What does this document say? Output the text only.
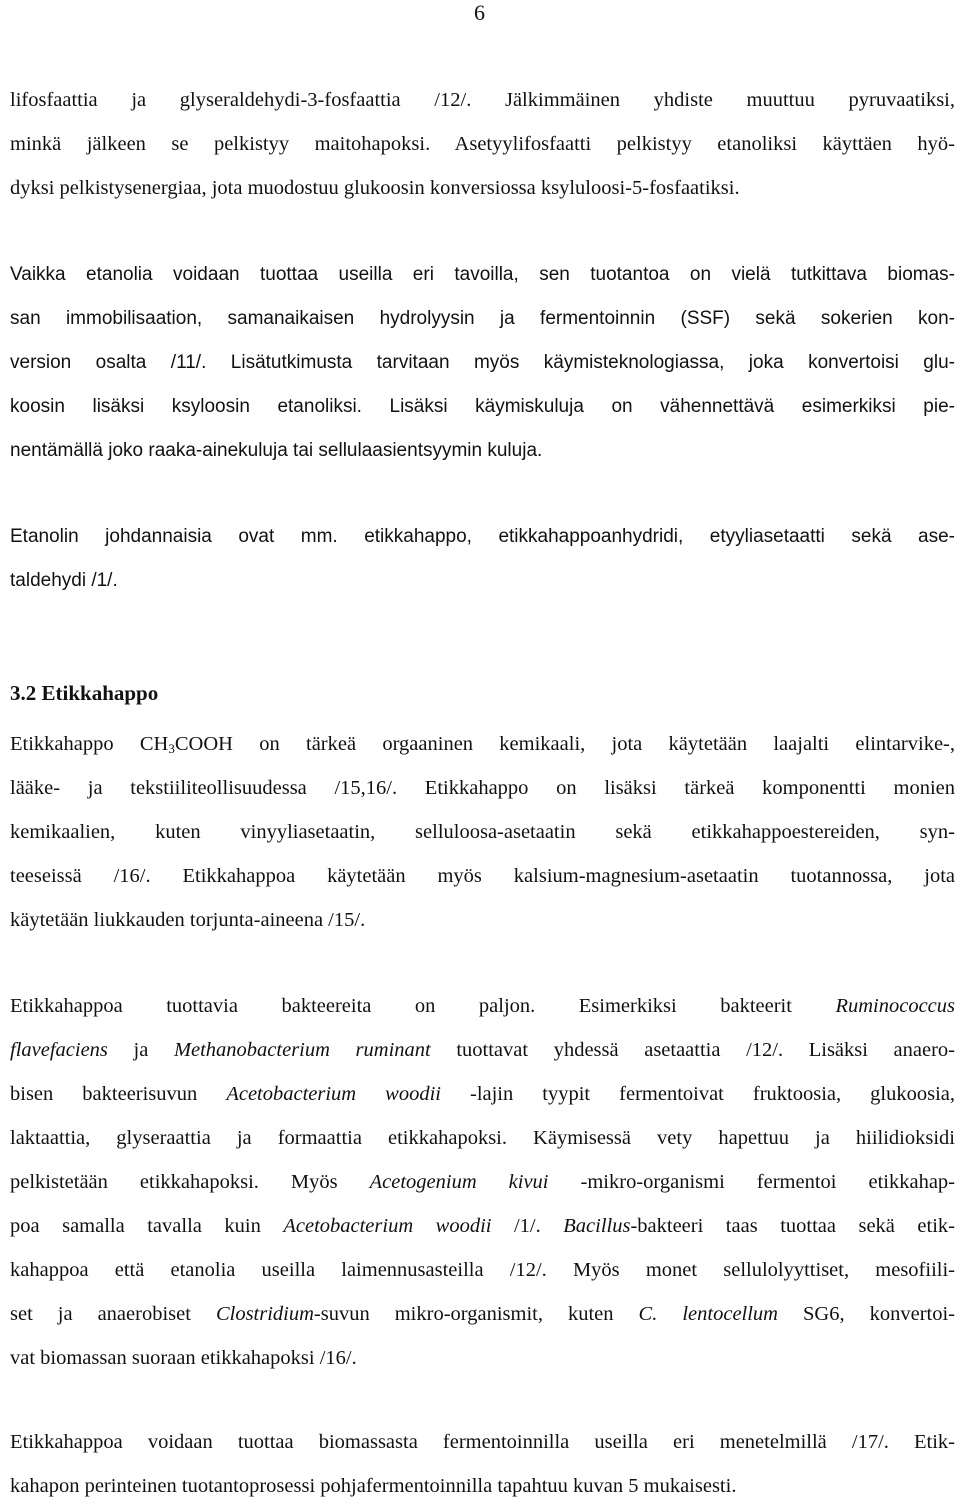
6
lifosfaattia ja glyseraldehydi-3-fosfaattia /12/. Jälkimmäinen yhdiste muuttuu pyruvaatiksi,
minkä jälkeen se pelkistyy maitohapoksi. Asetyylifosfaatti pelkistyy etanoliksi käyttäen hyö-
dyksi pelkistysenergiaa, jota muodostuu glukoosin konversiossa ksyluloosi-5-fosfaatiksi.
Vaikka etanolia voidaan tuottaa useilla eri tavoilla, sen tuotantoa on vielä tutkittava biomas-
san immobilisaation, samanaikaisen hydrolyysin ja fermentoinnin (SSF) sekä sokerien kon-
version osalta /11/. Lisätutkimusta tarvitaan myös käymisteknologiassa, joka konvertoisi glu-
koosin lisäksi ksyloosin etanoliksi. Lisäksi käymiskuluja on vähennettävä esimerkiksi pie-
nentämällä joko raaka-ainekuluja tai sellulaasientsyymin kuluja.
Etanolin johdannaisia ovat mm. etikkahappo, etikkahappoanhydridi, etyyliasetaatti sekä ase-
taldehydi /1/.
3.2 Etikkahappo
Etikkahappo $CH_3COOH$ on tärkeä orgaaninen kemikaali, jota käytetään laajalti elintarvike-,
lääke- ja tekstiiliteollisuudessa /15,16/. Etikkahappo on lisäksi tärkeä komponentti monien
kemikaalien, kuten vinyyliasetaatin, selluloosa-asetaatin sekä etikkahappoestereiden, syn-
teeseissä /16/. Etikkahappoa käytetään myös kalsium-magnesium-asetaatin tuotannossa, jota
käytetään liukkauden torjunta-aineena /15/.
Etikkahappoa tuottavia bakteereita on paljon. Esimerkiksi bakteerit Ruminococcus
flavefaciens ja Methanobacterium ruminant tuottavat yhdessä asetaattia /12/. Lisäksi anaero-
bisen bakteerisuvun Acetobacterium woodii -lajin tyypit fermentoivat fruktoosia, glukoosia,
laktaattia, glyseraattia ja formaattia etikkahapoksi. Käymisessä vety hapettuu ja hiilidioksidi
pelkistetään etikkahapoksi. Myös Acetogenium kivui -mikro-organismi fermentoi etikkahap-
poa samalla tavalla kuin Acetobacterium woodii /1/. Bacillus-bakteeri taas tuottaa sekä etik-
kahappoa että etanolia useilla laimennusasteilla /12/. Myös monet sellulolyyttiset, mesofiili-
set ja anaerobiset Clostridium-suvun mikro-organismit, kuten C. lentocellum SG6, konvertoi-
vat biomassan suoraan etikkahapoksi /16/.
Etikkahappoa voidaan tuottaa biomassasta fermentoinnilla useilla eri menetelmillä /17/. Etik-
kahapon perinteinen tuotantoprosessi pohjafermentoinnilla tapahtuu kuvan 5 mukaisesti.
